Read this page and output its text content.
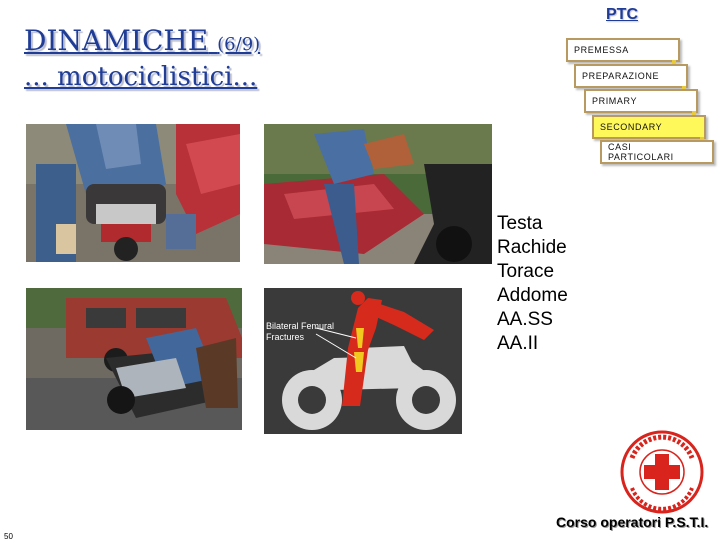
DINAMICHE (6/9)
... motociclistici...
PTC
PREMESSA
PREPARAZIONE
PRIMARY
SECONDARY
CASI PARTICOLARI
Bilateral Femural
Fractures
Testa
Rachide
Torace
Addome
AA.SS
AA.II
Corso operatori P.S.T.I.
50
